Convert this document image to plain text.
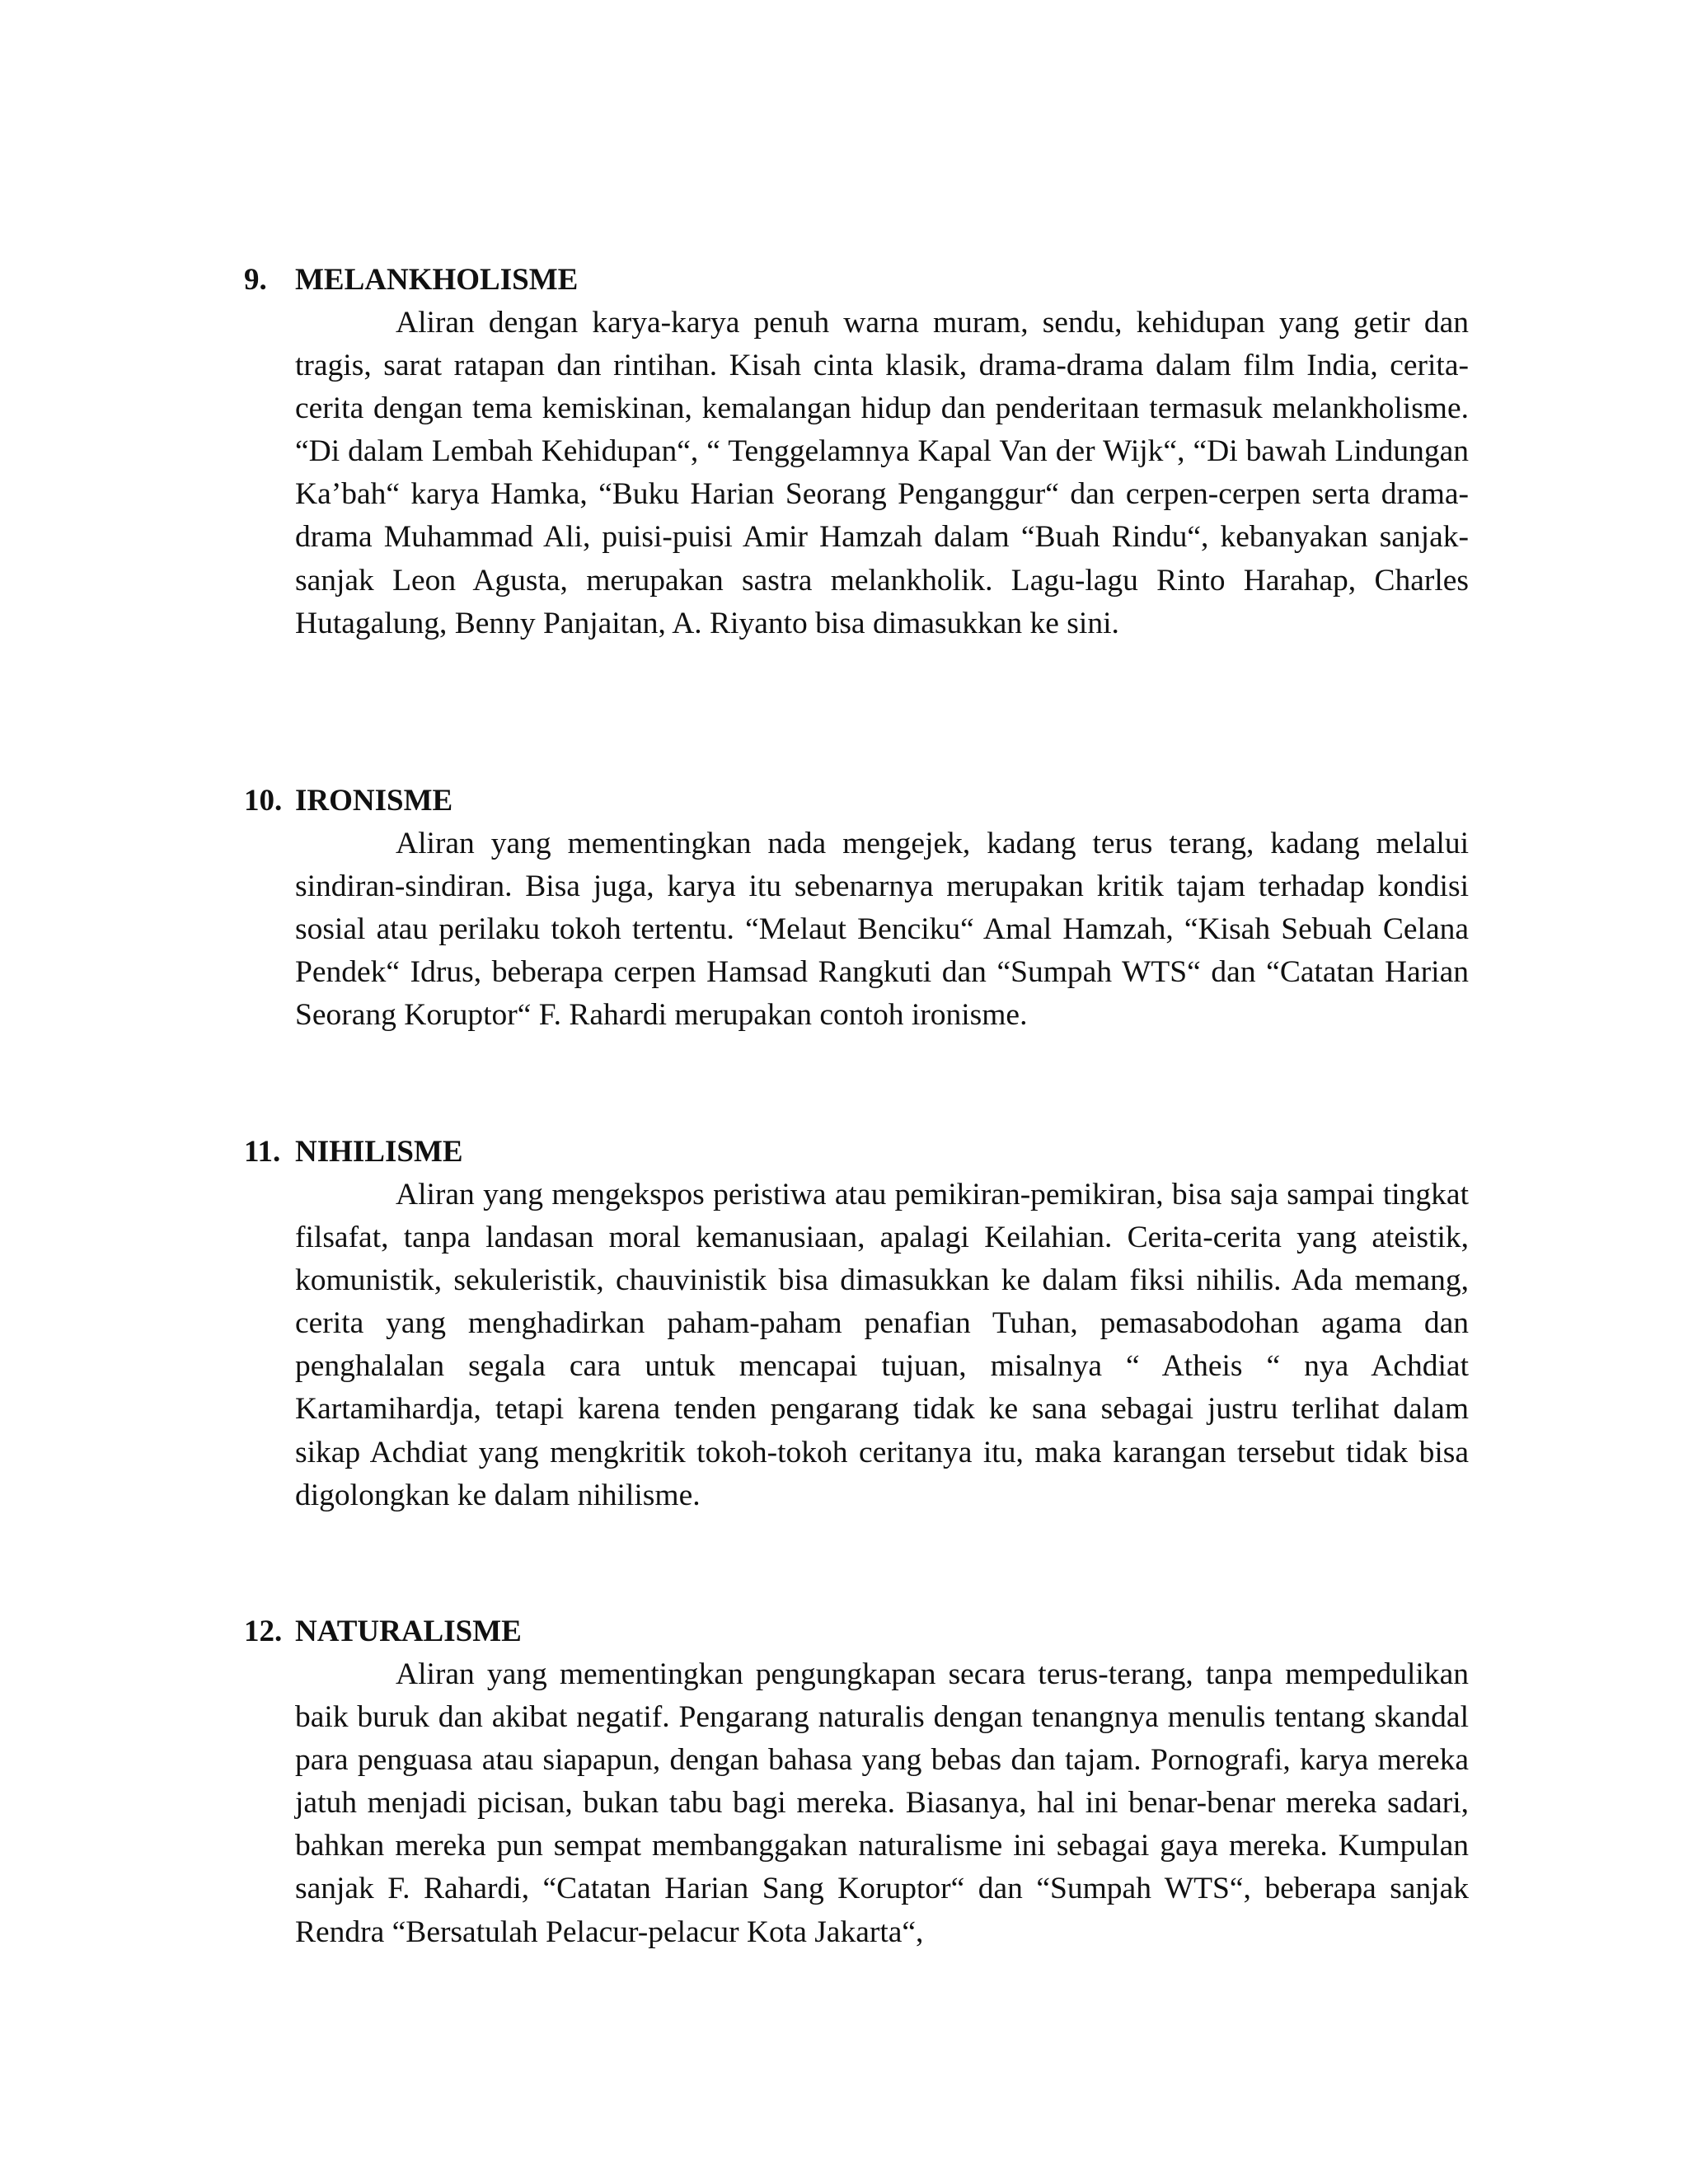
9. MELANKHOLISME

Aliran dengan karya-karya penuh warna muram, sendu, kehidupan yang getir dan tragis, sarat ratapan dan rintihan. Kisah cinta klasik, drama-drama dalam film India, cerita-cerita dengan tema kemiskinan, kemalangan hidup dan penderitaan termasuk melankholisme. “Di dalam Lembah Kehidupan“, “ Tenggelamnya Kapal Van der Wijk“, “Di bawah Lindungan Ka’bah“ karya Hamka, “Buku Harian Seorang Penganggur“ dan cerpen-cerpen serta drama-drama Muhammad Ali, puisi-puisi Amir Hamzah dalam “Buah Rindu“, kebanyakan sanjak-sanjak Leon Agusta, merupakan sastra melankholik. Lagu-lagu Rinto Harahap, Charles Hutagalung, Benny Panjaitan, A. Riyanto bisa dimasukkan ke sini.

10. IRONISME

Aliran yang mementingkan nada mengejek, kadang terus terang, kadang melalui sindiran-sindiran. Bisa juga, karya itu sebenarnya merupakan kritik tajam terhadap kondisi sosial atau perilaku tokoh tertentu. “Melaut Benciku“ Amal Hamzah, “Kisah Sebuah Celana Pendek“ Idrus, beberapa cerpen Hamsad Rangkuti dan “Sumpah WTS“ dan “Catatan Harian Seorang Koruptor“ F. Rahardi merupakan contoh ironisme.

11. NIHILISME

Aliran yang mengekspos peristiwa atau pemikiran-pemikiran, bisa saja sampai tingkat filsafat, tanpa landasan moral kemanusiaan, apalagi Keilahian. Cerita-cerita yang ateistik, komunistik, sekuleristik, chauvinistik bisa dimasukkan ke dalam fiksi nihilis. Ada memang, cerita yang menghadirkan paham-paham penafian Tuhan, pemasabodohan agama dan penghalalan segala cara untuk mencapai tujuan, misalnya “ Atheis “ nya Achdiat Kartamihardja, tetapi karena tenden pengarang tidak ke sana sebagai justru terlihat dalam sikap Achdiat yang mengkritik tokoh-tokoh ceritanya itu, maka karangan tersebut tidak bisa digolongkan ke dalam nihilisme.

12. NATURALISME

Aliran yang mementingkan pengungkapan secara terus-terang, tanpa mempedulikan baik buruk dan akibat negatif. Pengarang naturalis dengan tenangnya menulis tentang skandal para penguasa atau siapapun, dengan bahasa yang bebas dan tajam. Pornografi, karya mereka jatuh menjadi picisan, bukan tabu bagi mereka. Biasanya, hal ini benar-benar mereka sadari, bahkan mereka pun sempat membanggakan naturalisme ini sebagai gaya mereka. Kumpulan sanjak F. Rahardi, “Catatan Harian Sang Koruptor“ dan “Sumpah WTS“, beberapa sanjak Rendra “Bersatulah Pelacur-pelacur Kota Jakarta“,
